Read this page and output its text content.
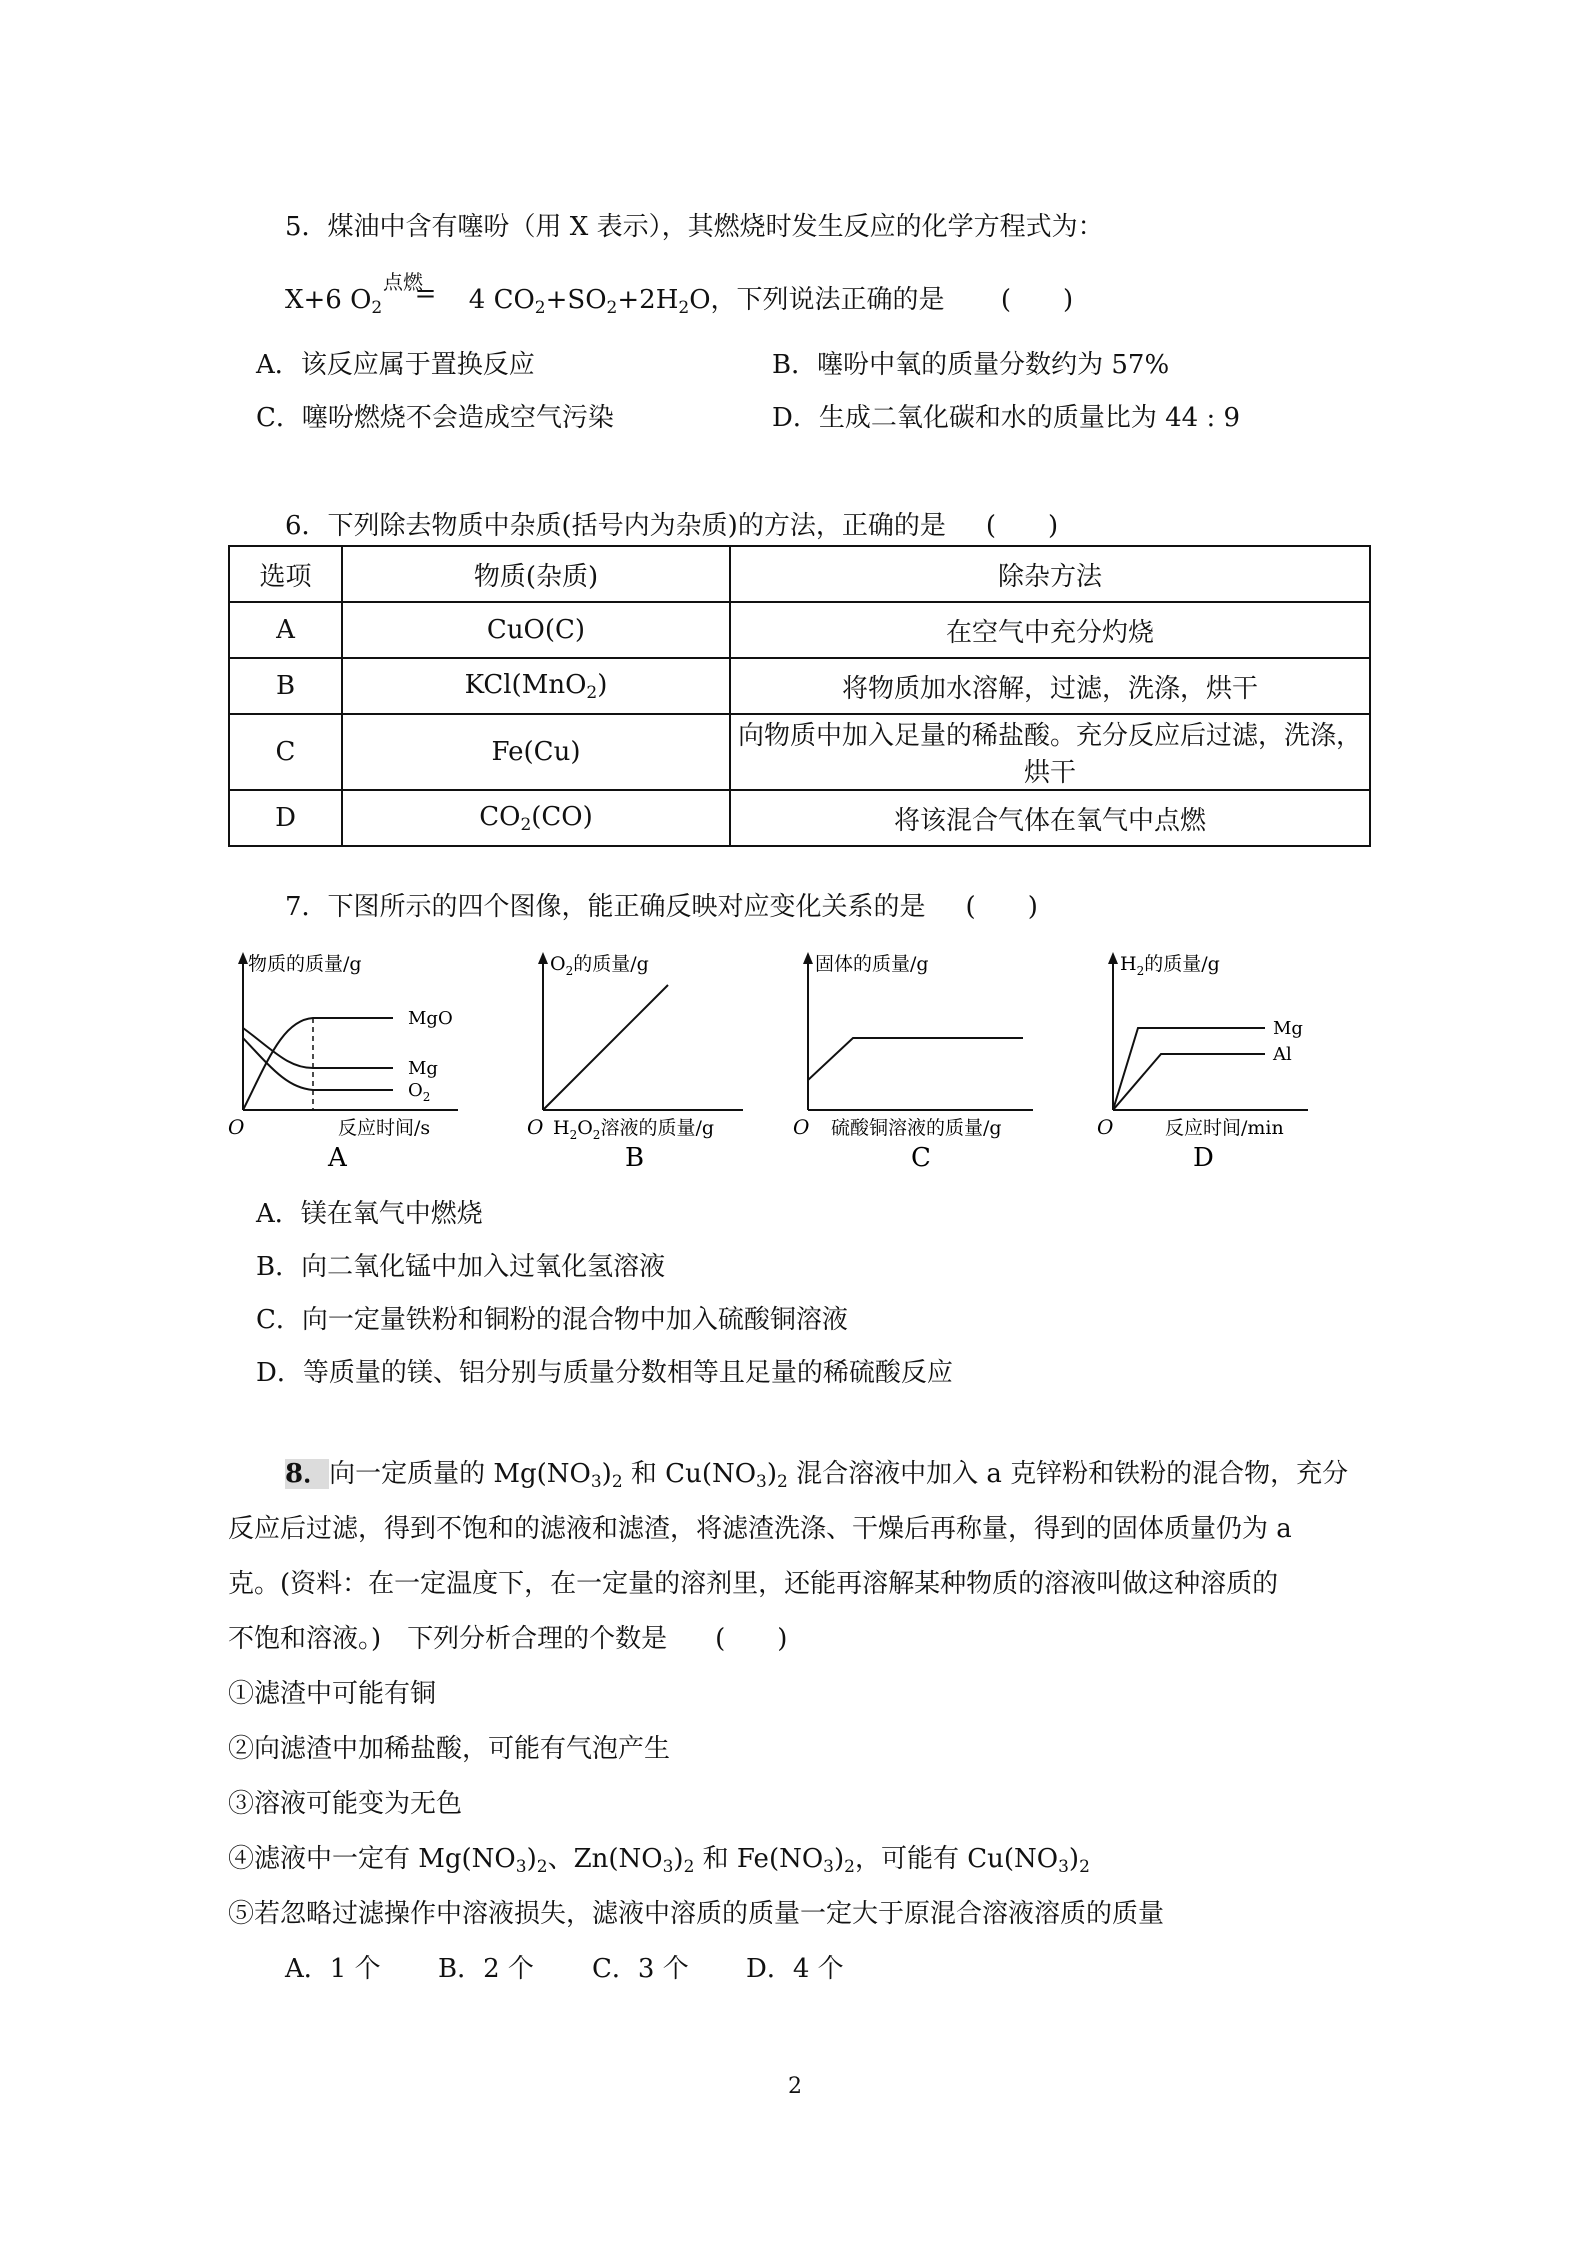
5．煤油中含有噻吩（用 X 表示），其燃烧时发生反应的化学方程式为：
点燃
X+6 $O_2 = 4$ $CO_2+SO_2+2H_2O$，下列说法正确的是 (　　)
A．该反应属于置换反应	B．噻吩中氧的质量分数约为 57%
C．噻吩燃烧不会造成空气污染	D．生成二氧化碳和水的质量比为 44 : 9
6．下列除去物质中杂质(括号内为杂质)的方法，正确的是 (　　)
选项	物质(杂质)	除杂方法
A	CuO(C)	在空气中充分灼烧
B	KCl(MnO$_2$)	将物质加水溶解，过滤，洗涤，烘干
C	Fe(Cu)	向物质中加入足量的稀盐酸。充分反应后过滤，洗涤，烘干
D	$CO_2(CO)$	将该混合气体在氧气中点燃
7．下图所示的四个图像，能正确反映对应变化关系的是 (　　)
物质的质量/g
MgO
Mg
$O_2$
O	反应时间/s
A
$O_2$的质量/g
O $H_2O_2$溶液的质量/g
B
固体的质量/g
O 硫酸铜溶液的质量/g
C
$H_2$的质量/g
Mg
Al
O	反应时间/min
D
A．镁在氧气中燃烧
B．向二氧化锰中加入过氧化氢溶液
C．向一定量铁粉和铜粉的混合物中加入硫酸铜溶液
D．等质量的镁、铝分别与质量分数相等且足量的稀硫酸反应
8．向一定质量的 $Mg(NO_3)_2$ 和 $Cu(NO_3)_2$ 混合溶液中加入 a 克锌粉和铁粉的混合物，充分
反应后过滤，得到不饱和的滤液和滤渣，将滤渣洗涤、干燥后再称量，得到的固体质量仍为 a
克。(资料：在一定温度下，在一定量的溶剂里，还能再溶解某种物质的溶液叫做这种溶质的
不饱和溶液。)　下列分析合理的个数是 (　　)
①滤渣中可能有铜
②向滤渣中加稀盐酸，可能有气泡产生
③溶液可能变为无色
④滤液中一定有 $Mg(NO_3)_2$、$Zn(NO_3)_2$ 和 $Fe(NO_3)_2$，可能有 $Cu(NO_3)_2$
⑤若忽略过滤操作中溶液损失，滤液中溶质的质量一定大于原混合溶液溶质的质量
A．1 个 B．2 个 C．3 个 D．4 个
2
